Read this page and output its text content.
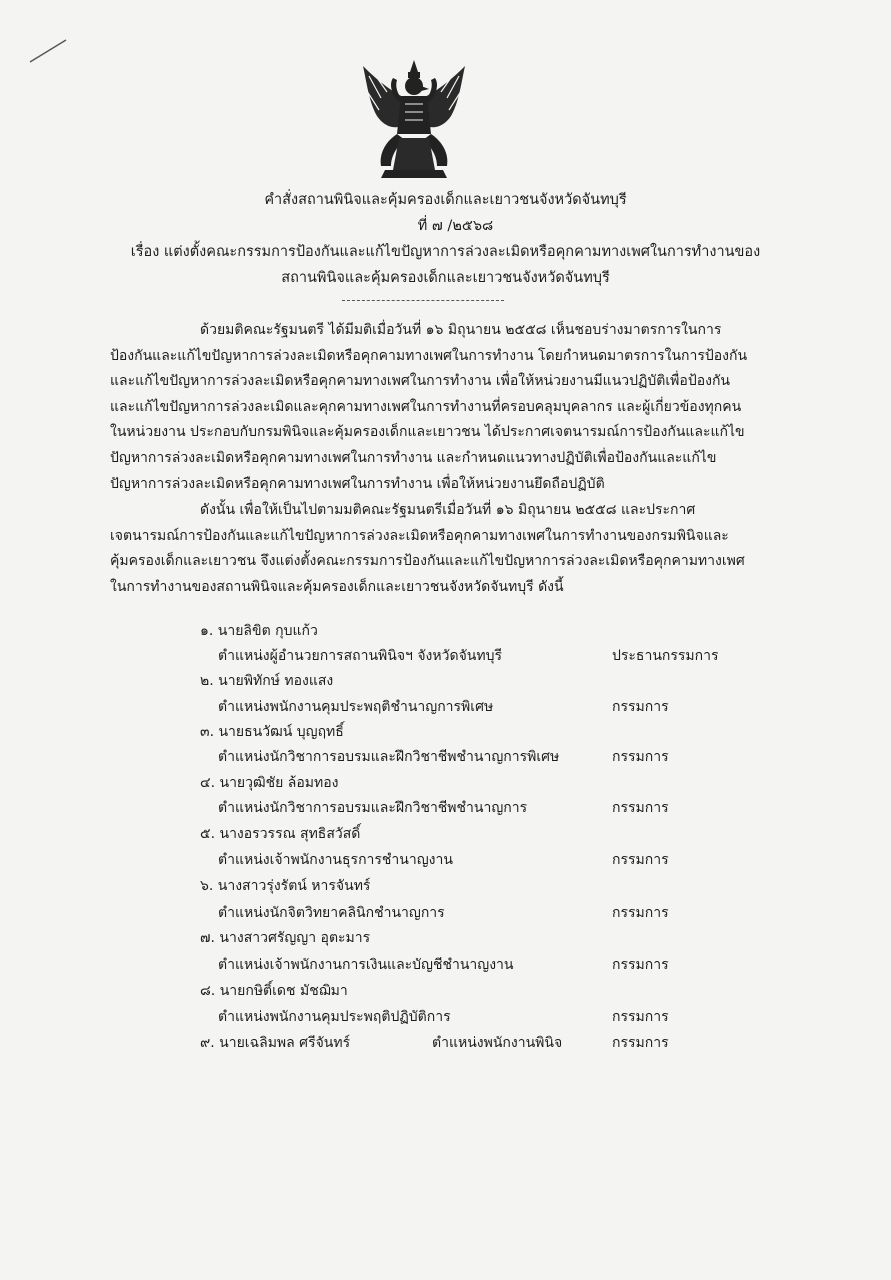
คำสั่งสถานพินิจและคุ้มครองเด็กและเยาวชนจังหวัดจันทบุรี
ที่ ๗ /๒๕๖๘
เรื่อง แต่งตั้งคณะกรรมการป้องกันและแก้ไขปัญหาการล่วงละเมิดหรือคุกคามทางเพศในการทำงานของ
สถานพินิจและคุ้มครองเด็กและเยาวชนจังหวัดจันทบุรี
ด้วยมติคณะรัฐมนตรี ได้มีมติเมื่อวันที่ ๑๖ มิถุนายน ๒๕๕๘ เห็นชอบร่างมาตรการในการ
ป้องกันและแก้ไขปัญหาการล่วงละเมิดหรือคุกคามทางเพศในการทำงาน โดยกำหนดมาตรการในการป้องกัน
และแก้ไขปัญหาการล่วงละเมิดหรือคุกคามทางเพศในการทำงาน เพื่อให้หน่วยงานมีแนวปฏิบัติเพื่อป้องกัน
และแก้ไขปัญหาการล่วงละเมิดและคุกคามทางเพศในการทำงานที่ครอบคลุมบุคลากร และผู้เกี่ยวข้องทุกคน
ในหน่วยงาน ประกอบกับกรมพินิจและคุ้มครองเด็กและเยาวชน ได้ประกาศเจตนารมณ์การป้องกันและแก้ไข
ปัญหาการล่วงละเมิดหรือคุกคามทางเพศในการทำงาน และกำหนดแนวทางปฏิบัติเพื่อป้องกันและแก้ไข
ปัญหาการล่วงละเมิดหรือคุกคามทางเพศในการทำงาน เพื่อให้หน่วยงานยึดถือปฏิบัติ
ดังนั้น เพื่อให้เป็นไปตามมติคณะรัฐมนตรีเมื่อวันที่ ๑๖ มิถุนายน ๒๕๕๘ และประกาศ
เจตนารมณ์การป้องกันและแก้ไขปัญหาการล่วงละเมิดหรือคุกคามทางเพศในการทำงานของกรมพินิจและ
คุ้มครองเด็กและเยาวชน จึงแต่งตั้งคณะกรรมการป้องกันและแก้ไขปัญหาการล่วงละเมิดหรือคุกคามทางเพศ
ในการทำงานของสถานพินิจและคุ้มครองเด็กและเยาวชนจังหวัดจันทบุรี ดังนี้
๑. นายลิขิต กุบแก้ว
ตำแหน่งผู้อำนวยการสถานพินิจฯ จังหวัดจันทบุรี	ประธานกรรมการ
๒. นายพิทักษ์ ทองแสง
ตำแหน่งพนักงานคุมประพฤติชำนาญการพิเศษ	กรรมการ
๓. นายธนวัฒน์ บุญฤทธิ์
ตำแหน่งนักวิชาการอบรมและฝึกวิชาชีพชำนาญการพิเศษ	กรรมการ
๔. นายวุฒิชัย ล้อมทอง
ตำแหน่งนักวิชาการอบรมและฝึกวิชาชีพชำนาญการ	กรรมการ
๕. นางอรวรรณ สุทธิสวัสดิ์
ตำแหน่งเจ้าพนักงานธุรการชำนาญงาน	กรรมการ
๖. นางสาวรุ่งรัตน์ หารจันทร์
ตำแหน่งนักจิตวิทยาคลินิกชำนาญการ	กรรมการ
๗. นางสาวศรัญญา อุตะมาร
ตำแหน่งเจ้าพนักงานการเงินและบัญชีชำนาญงาน	กรรมการ
๘. นายกษิติ์เดช มัชฌิมา
ตำแหน่งพนักงานคุมประพฤติปฏิบัติการ	กรรมการ
๙. นายเฉลิมพล ศรีจันทร์	ตำแหน่งพนักงานพินิจ	กรรมการ
